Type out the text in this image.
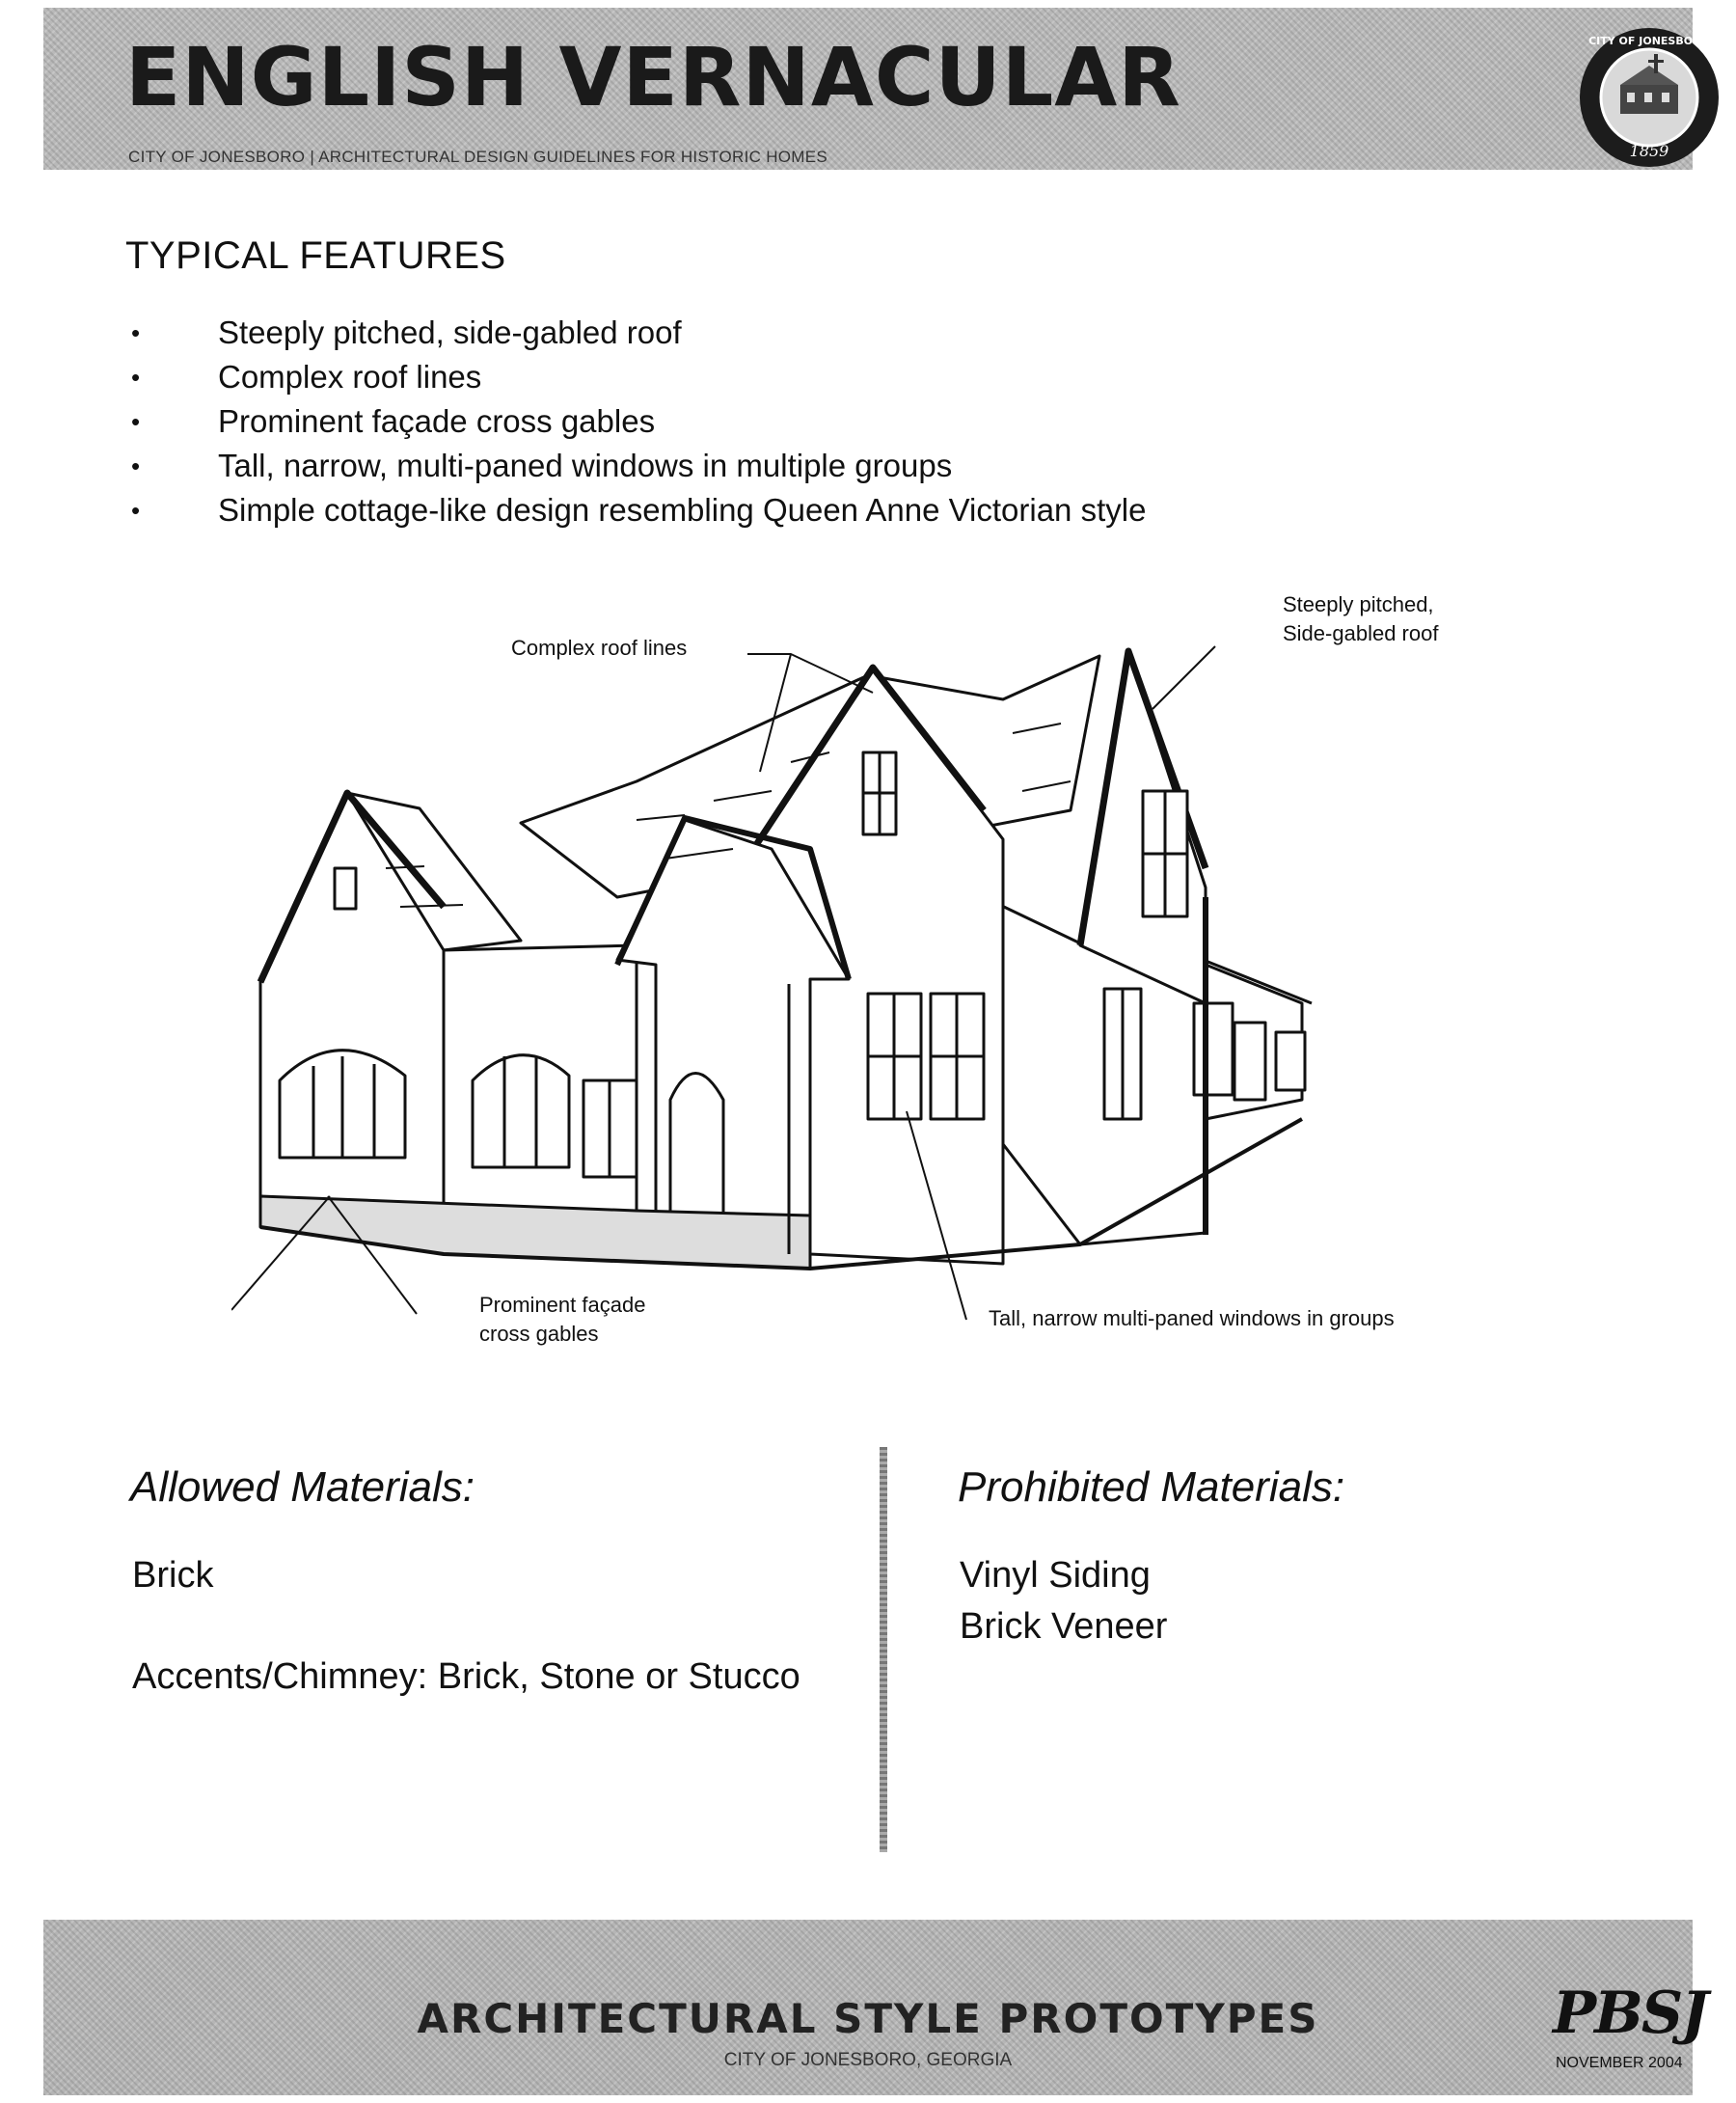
ENGLISH VERNACULAR
CITY OF JONESBORO | ARCHITECTURAL DESIGN GUIDELINES FOR HISTORIC HOMES	1859
CITY OF JONESBORO
TYPICAL FEATURES
• Steeply pitched, side-gabled roof
• Complex roof lines
• Prominent façade cross gables
• Tall, narrow, multi-paned windows in multiple groups
• Simple cottage-like design resembling Queen Anne Victorian style
Complex roof lines
Steeply pitched,
Side-gabled roof
Prominent façade
cross gables
Tall, narrow multi-paned windows in groups
Allowed Materials:
Brick
Accents/Chimney: Brick, Stone or Stucco
Prohibited Materials:
Vinyl Siding
Brick Veneer
ARCHITECTURAL STYLE PROTOTYPES
CITY OF JONESBORO, GEORGIA
PBSJ
NOVEMBER 2004
